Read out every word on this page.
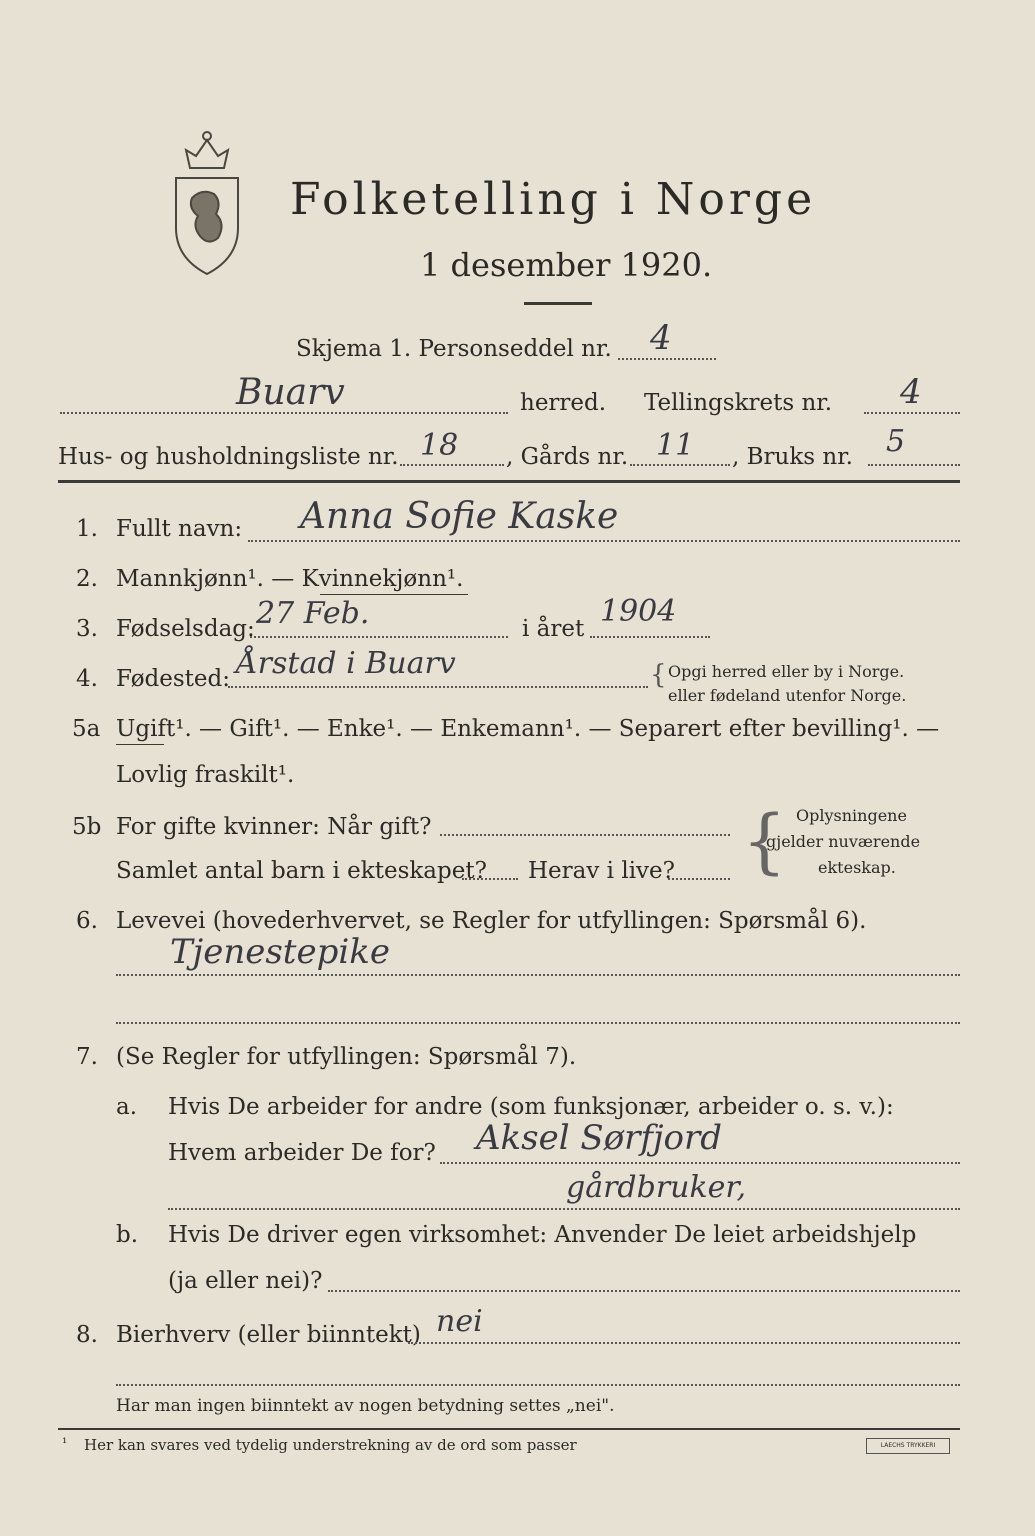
Folketelling i Norge
1 desember 1920.
Skjema 1. Personseddel nr. 4
Buarv	herred. Tellingskrets nr. 4
Hus- og husholdningsliste nr. 18 , Gårds nr. 11 , Bruks nr. 5
1. Fullt navn: Anna Sofie Kaske
2. Mannkjønn¹. — Kvinnekjønn¹.
3. Fødselsdag: 27 Feb.	i året 1904
4. Fødested: Årstad i Buarv	{ Opgi herred eller by i Norge.
eller fødeland utenfor Norge.
5a Ugift¹. — Gift¹. — Enke¹. — Enkemann¹. — Separert efter bevilling¹. —
Lovlig fraskilt¹.
5b For gifte kvinner: Når gift?
Samlet antal barn i ekteskapet? Herav i live? { Oplysningene
gjelder nuværende
ekteskap.
6. Levevei (hovederhvervet, se Regler for utfyllingen: Spørsmål 6).
Tjenestepike
7. (Se Regler for utfyllingen: Spørsmål 7).
a. Hvis De arbeider for andre (som funksjonær, arbeider o. s. v.):
Hvem arbeider De for? Aksel Sørfjord
gårdbruker,
b. Hvis De driver egen virksomhet: Anvender De leiet arbeidshjelp
(ja eller nei)?
8. Bierhverv (eller biinntekt) nei
Har man ingen biinntekt av nogen betydning settes „nei".
¹ Her kan svares ved tydelig understrekning av de ord som passer	LAECHS TRYKKERI
